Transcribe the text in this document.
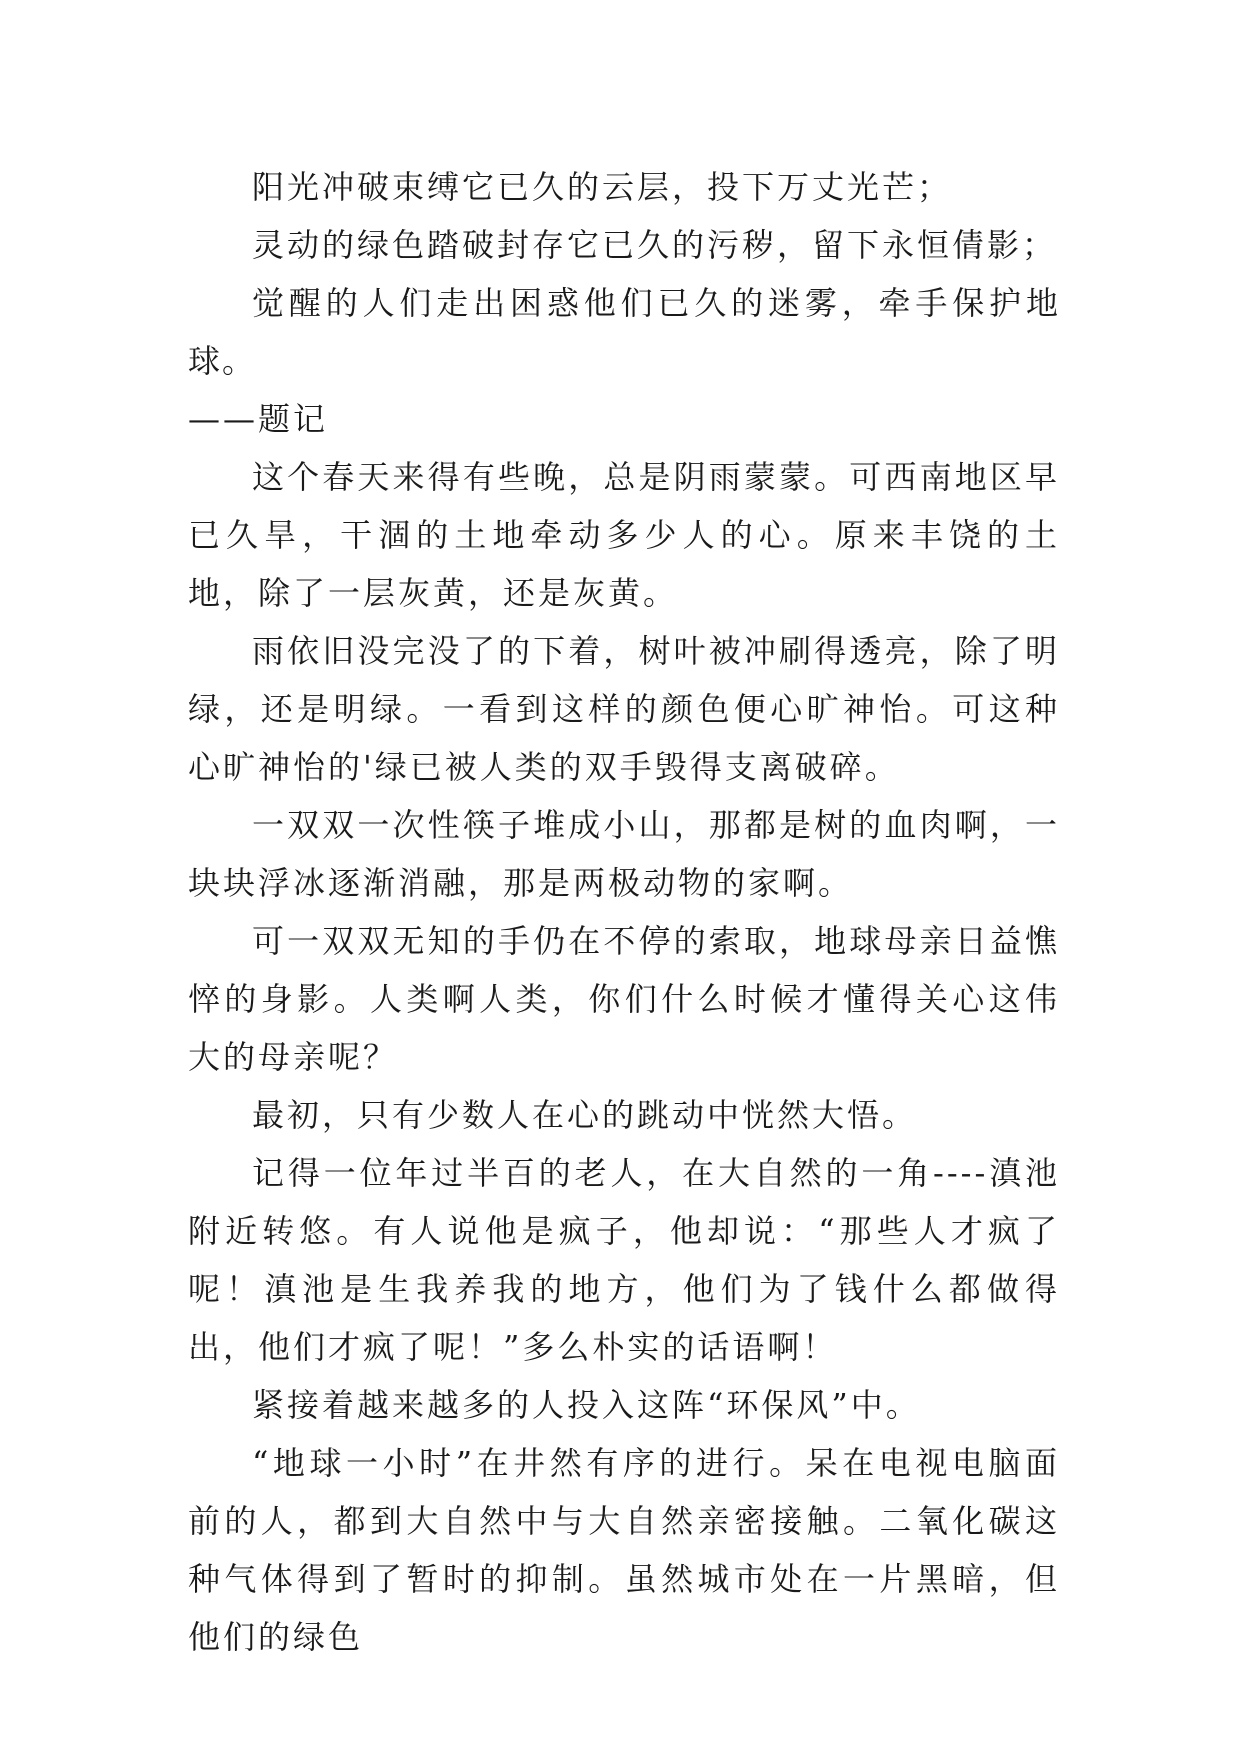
阳光冲破束缚它已久的云层，投下万丈光芒；

灵动的绿色踏破封存它已久的污秽，留下永恒倩影；

觉醒的人们走出困惑他们已久的迷雾，牵手保护地球。

——题记

这个春天来得有些晚，总是阴雨蒙蒙。可西南地区早已久旱，干涸的土地牵动多少人的心。原来丰饶的土地，除了一层灰黄，还是灰黄。

雨依旧没完没了的下着，树叶被冲刷得透亮，除了明绿，还是明绿。一看到这样的颜色便心旷神怡。可这种心旷神怡的'绿已被人类的双手毁得支离破碎。

一双双一次性筷子堆成小山，那都是树的血肉啊，一块块浮冰逐渐消融，那是两极动物的家啊。

可一双双无知的手仍在不停的索取，地球母亲日益憔悴的身影。人类啊人类，你们什么时候才懂得关心这伟大的母亲呢？

最初，只有少数人在心的跳动中恍然大悟。

记得一位年过半百的老人，在大自然的一角----滇池附近转悠。有人说他是疯子，他却说：“那些人才疯了呢！滇池是生我养我的地方，他们为了钱什么都做得出，他们才疯了呢！”多么朴实的话语啊！

紧接着越来越多的人投入这阵“环保风”中。

“地球一小时”在井然有序的进行。呆在电视电脑面前的人，都到大自然中与大自然亲密接触。二氧化碳这种气体得到了暂时的抑制。虽然城市处在一片黑暗，但他们的绿色
